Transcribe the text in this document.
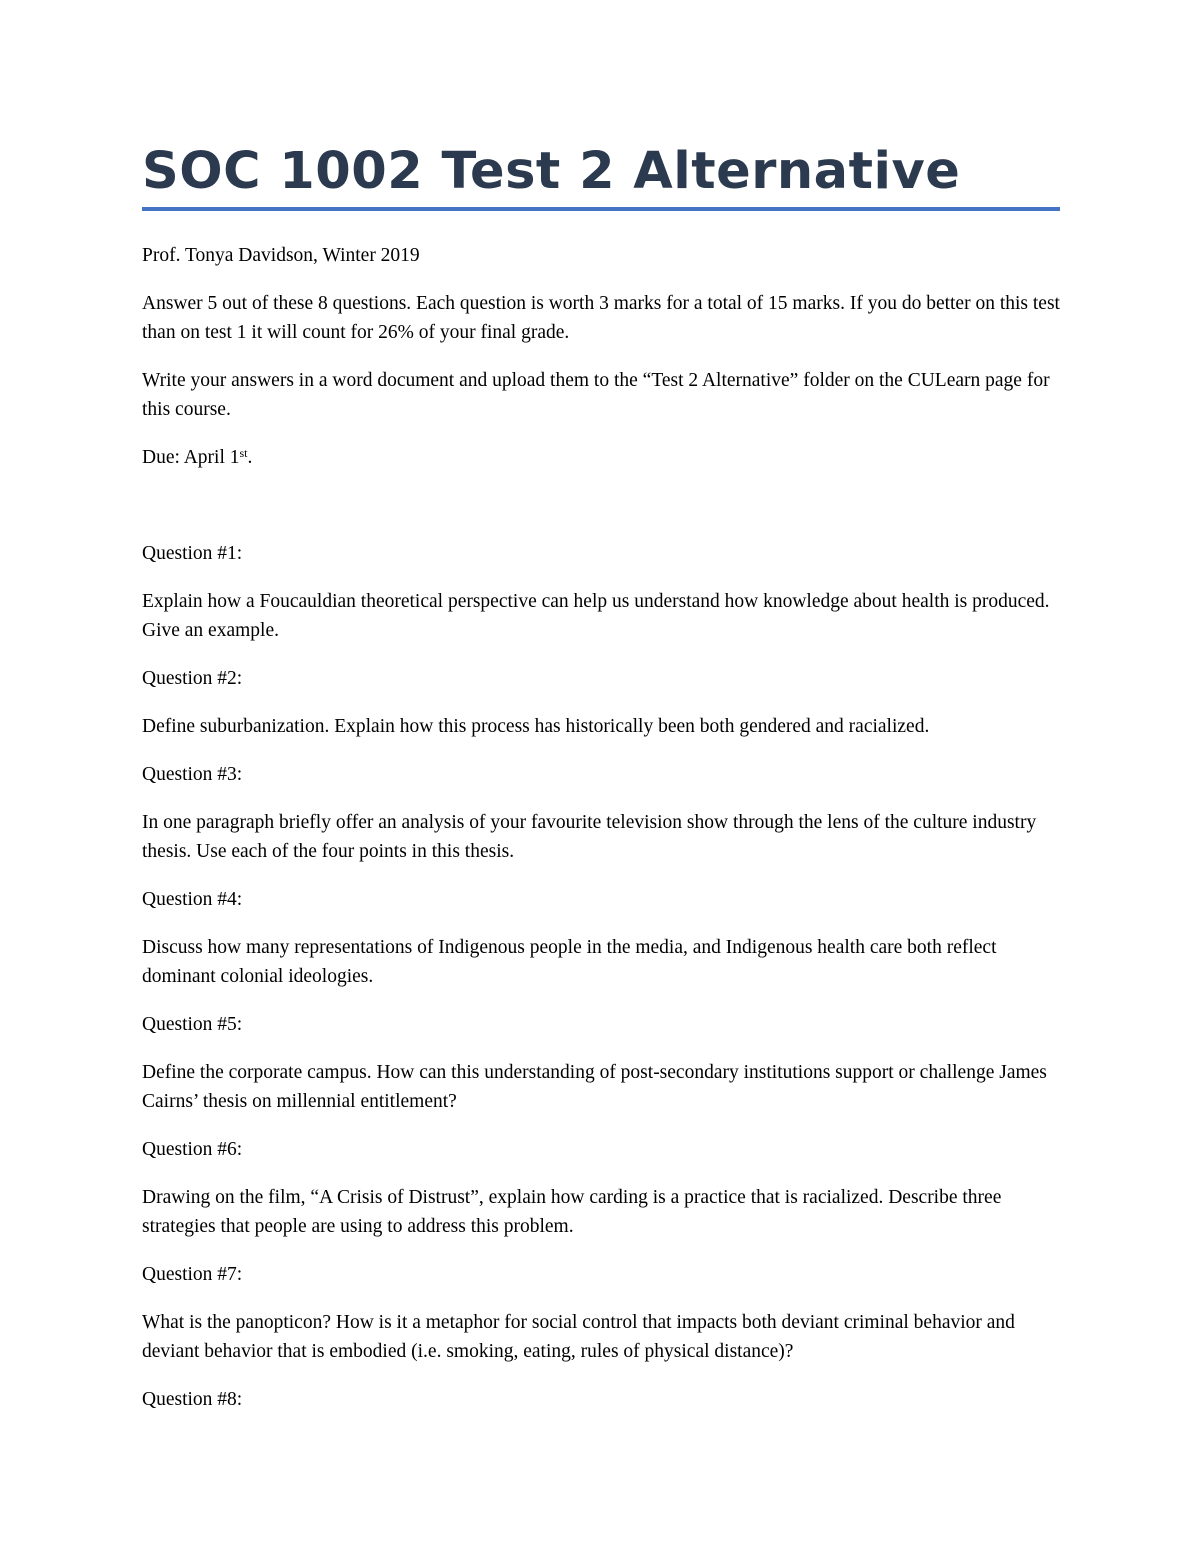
SOC 1002 Test 2 Alternative

Prof. Tonya Davidson, Winter 2019

Answer 5 out of these 8 questions. Each question is worth 3 marks for a total of 15 marks. If you do better on this test than on test 1 it will count for 26% of your final grade.

Write your answers in a word document and upload them to the “Test 2 Alternative” folder on the CULearn page for this course.

Due: April 1st.

Question #1:

Explain how a Foucauldian theoretical perspective can help us understand how knowledge about health is produced. Give an example.

Question #2:

Define suburbanization. Explain how this process has historically been both gendered and racialized.

Question #3:

In one paragraph briefly offer an analysis of your favourite television show through the lens of the culture industry thesis. Use each of the four points in this thesis.

Question #4:

Discuss how many representations of Indigenous people in the media, and Indigenous health care both reflect dominant colonial ideologies.

Question #5:

Define the corporate campus. How can this understanding of post-secondary institutions support or challenge James Cairns’ thesis on millennial entitlement?

Question #6:

Drawing on the film, “A Crisis of Distrust”, explain how carding is a practice that is racialized. Describe three strategies that people are using to address this problem.

Question #7:

What is the panopticon? How is it a metaphor for social control that impacts both deviant criminal behavior and deviant behavior that is embodied (i.e. smoking, eating, rules of physical distance)?

Question #8:
